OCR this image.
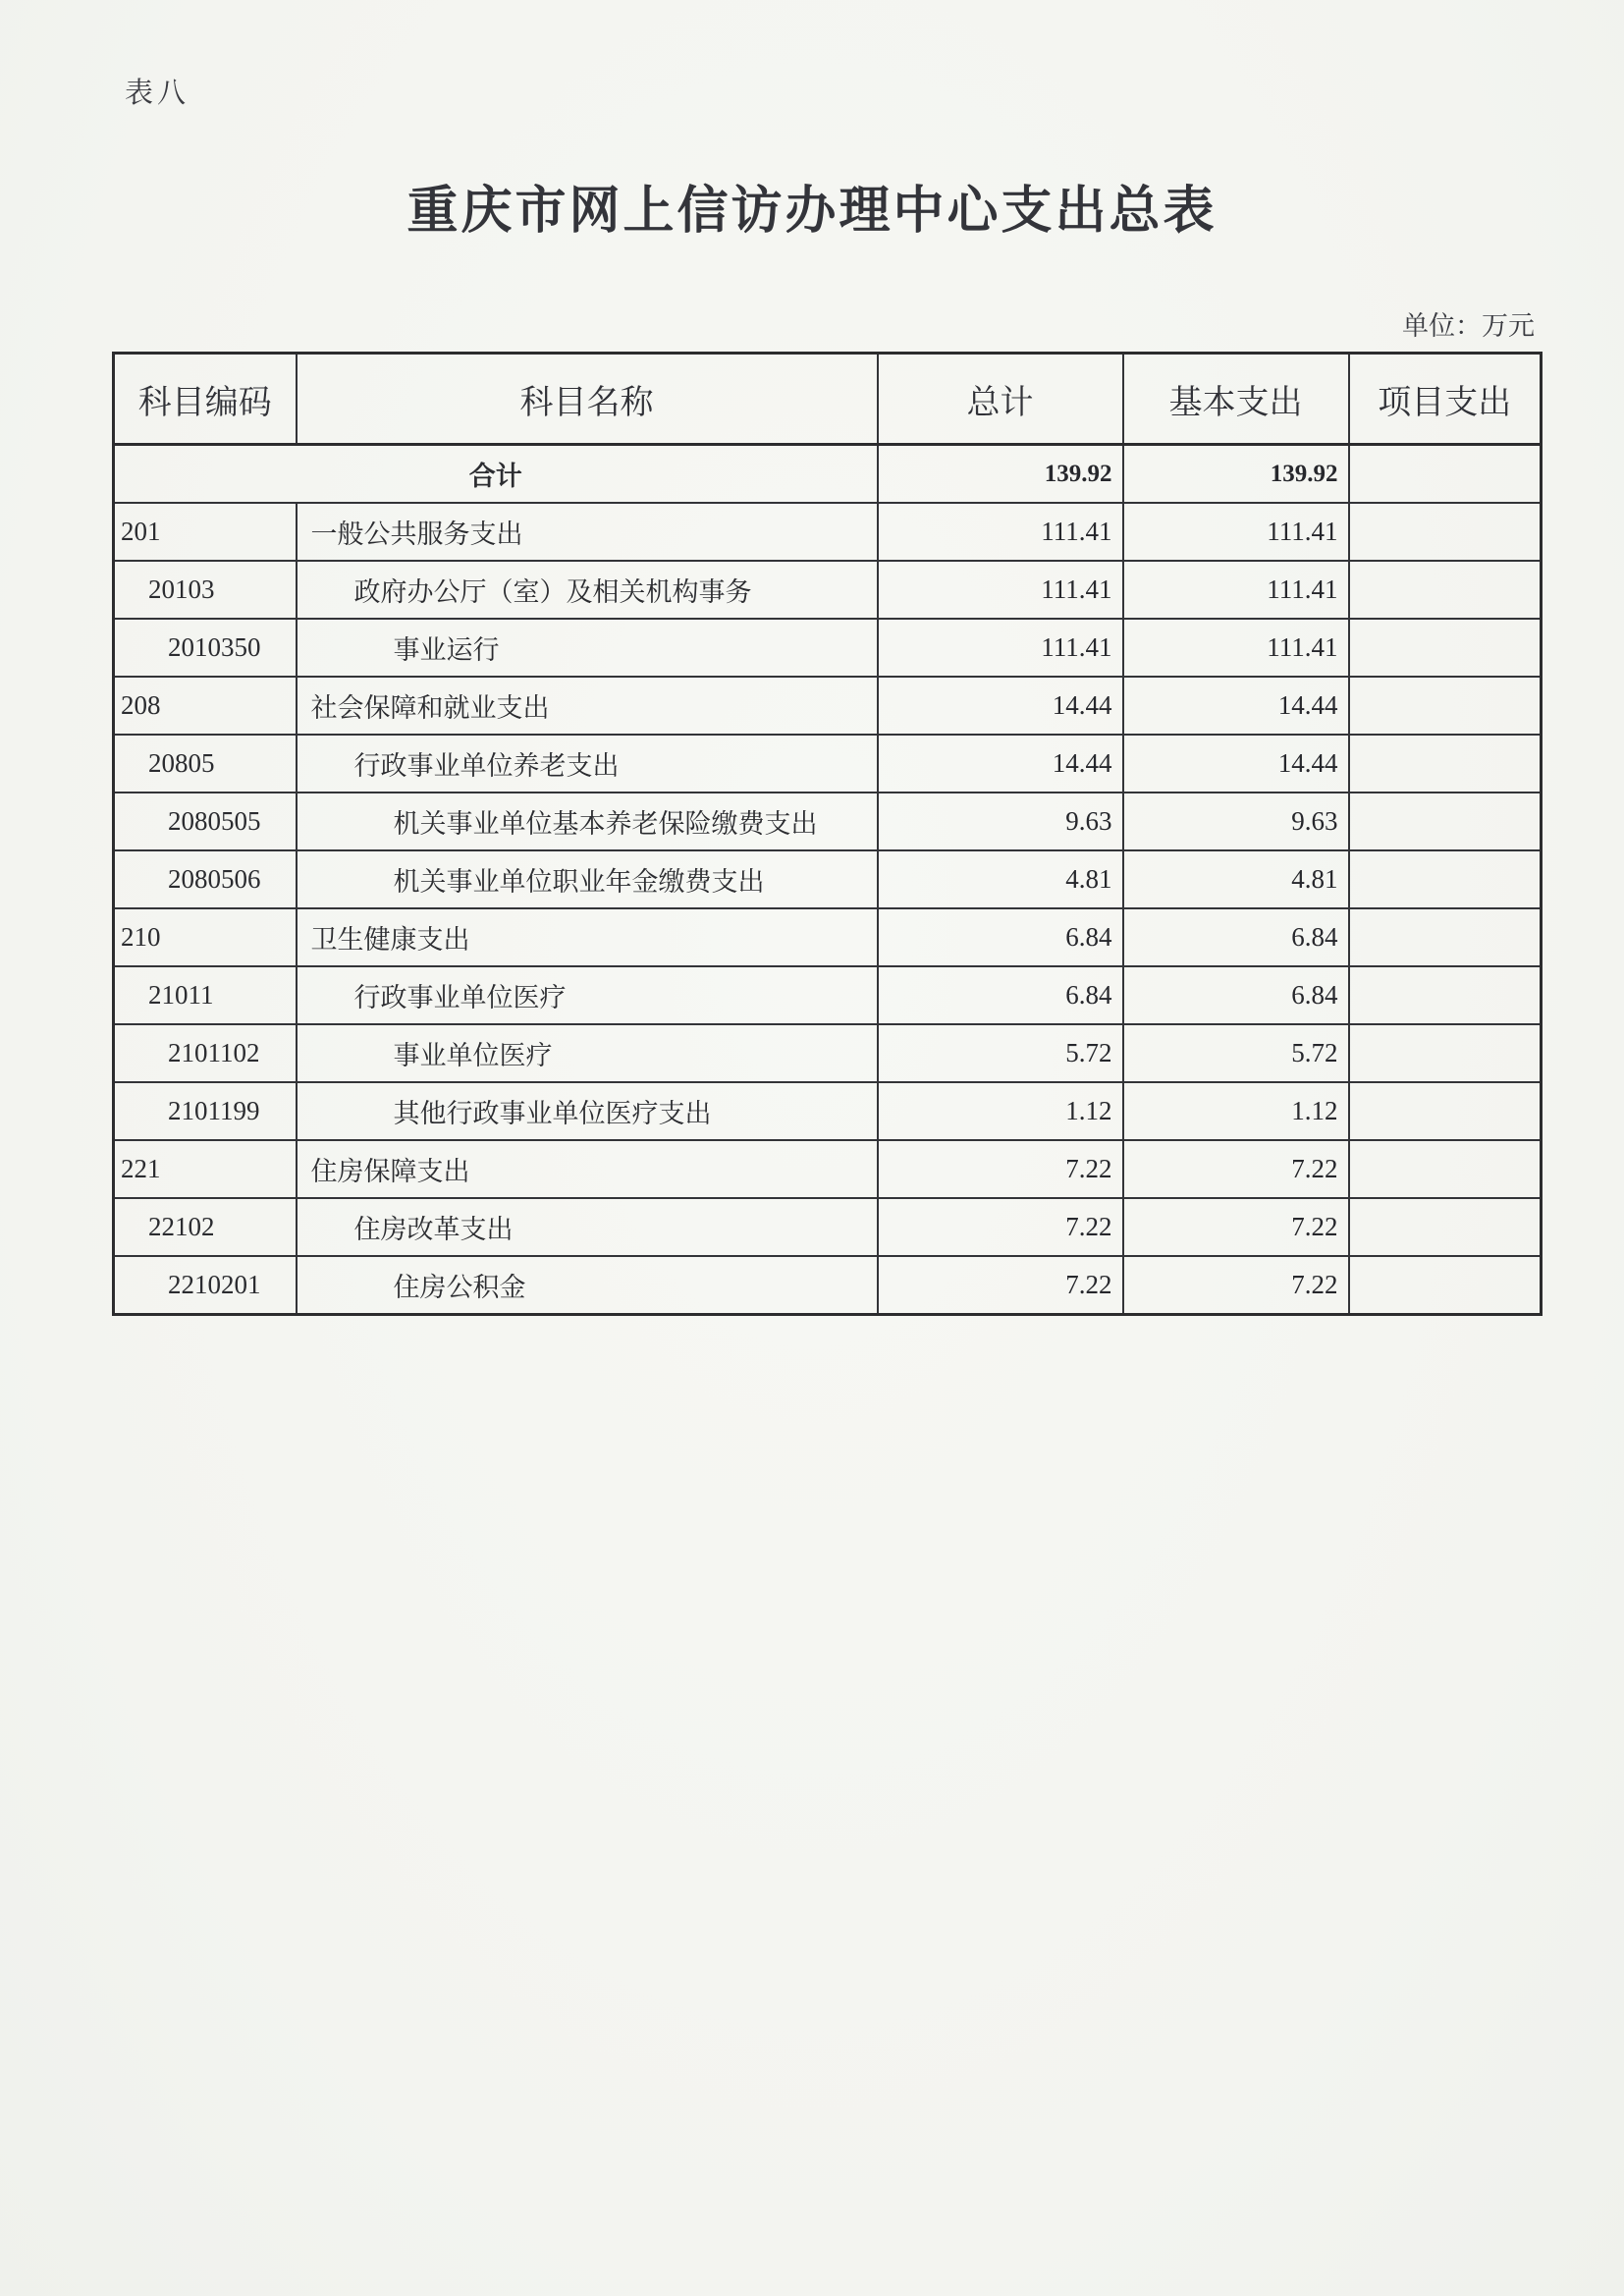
表八
重庆市网上信访办理中心支出总表
单位：万元
科目编码	科目名称	总计	基本支出	项目支出
合计		139.92	139.92	
201	一般公共服务支出	111.41	111.41	
20103	政府办公厅（室）及相关机构事务	111.41	111.41	
2010350	事业运行	111.41	111.41	
208	社会保障和就业支出	14.44	14.44	
20805	行政事业单位养老支出	14.44	14.44	
2080505	机关事业单位基本养老保险缴费支出	9.63	9.63	
2080506	机关事业单位职业年金缴费支出	4.81	4.81	
210	卫生健康支出	6.84	6.84	
21011	行政事业单位医疗	6.84	6.84	
2101102	事业单位医疗	5.72	5.72	
2101199	其他行政事业单位医疗支出	1.12	1.12	
221	住房保障支出	7.22	7.22	
22102	住房改革支出	7.22	7.22	
2210201	住房公积金	7.22	7.22	
